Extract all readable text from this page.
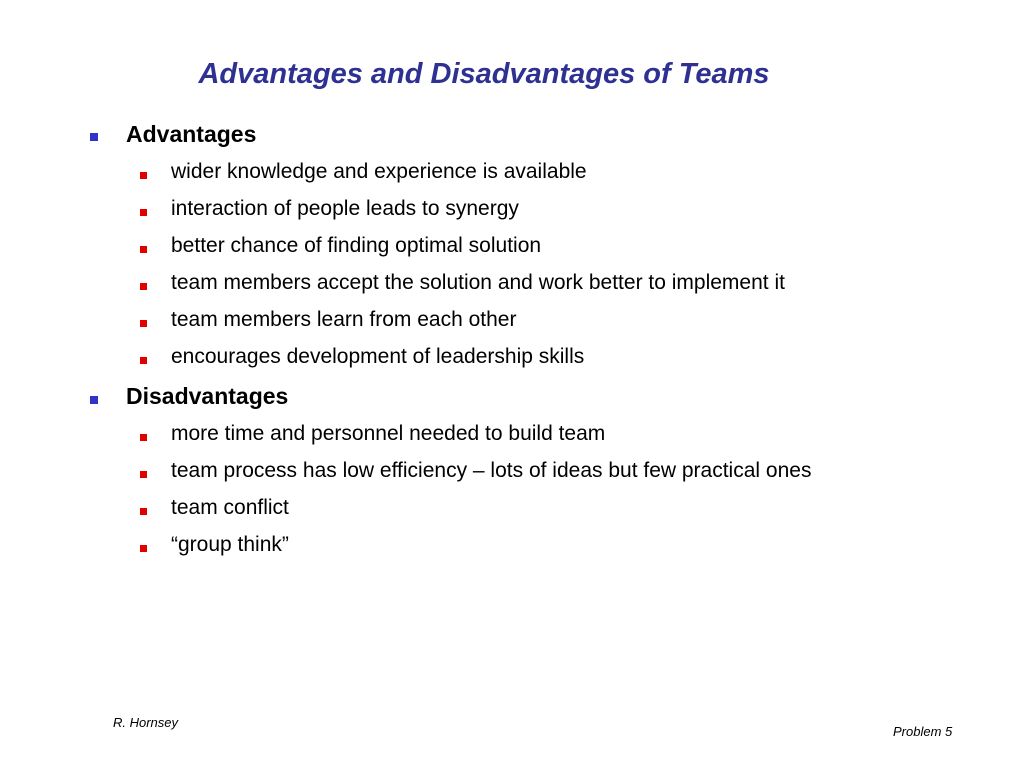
Advantages and Disadvantages of Teams
Advantages
wider knowledge and experience is available
interaction of people leads to synergy
better chance of finding optimal solution
team members accept the solution and work better to implement it
team members learn from each other
encourages development of leadership skills
Disadvantages
more time and personnel needed to build team
team process has low efficiency – lots of ideas but few practical ones
team conflict
“group think”
R. Hornsey
Problem 5
